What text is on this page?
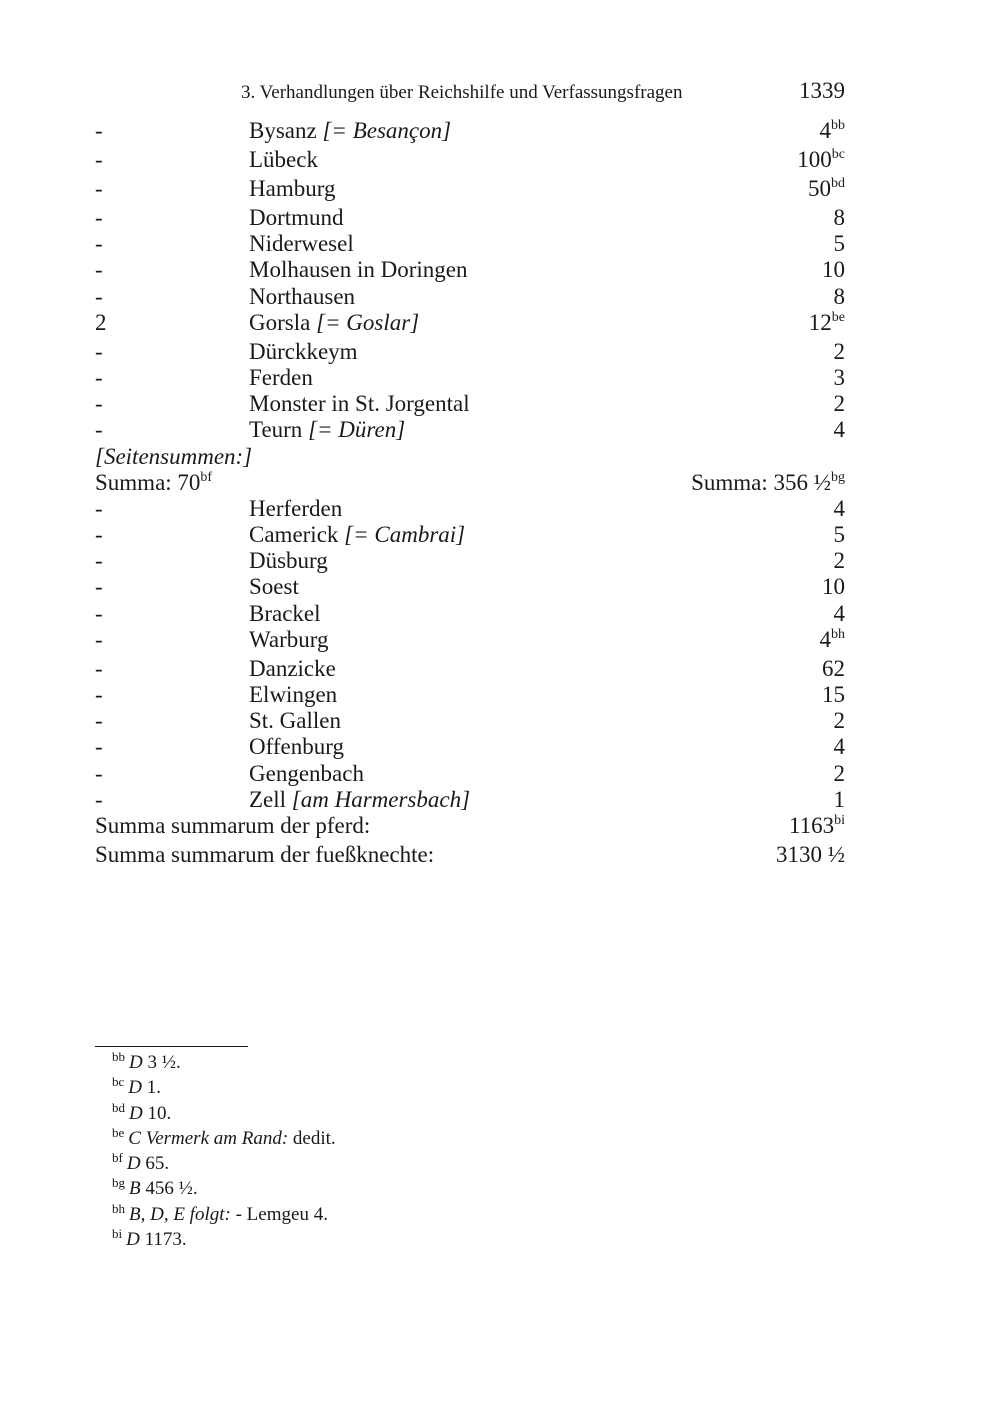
3. Verhandlungen über Reichshilfe und Verfassungsfragen	1339
-	Bysanz [= Besançon]	$4^{bb}$
-	Lübeck	$100^{bc}$
-	Hamburg	$50^{bd}$
-	Dortmund	8
-	Niderwesel	5
-	Molhausen in Doringen	10
-	Northausen	8
2	Gorsla [= Goslar]	$12^{be}$
-	Dürckkeym	2
-	Ferden	3
-	Monster in St. Jorgental	2
-	Teurn [= Düren]	4
[Seitensummen:]
Summa: $70^{bf}$	Summa: 356 ½$^{bg}$
-	Herferden	4
-	Camerick [= Cambrai]	5
-	Düsburg	2
-	Soest	10
-	Brackel	4
-	Warburg	$4^{bh}$
-	Danzicke	62
-	Elwingen	15
-	St. Gallen	2
-	Offenburg	4
-	Gengenbach	2
-	Zell [am Harmersbach]	1
Summa summarum der pferd:	$1163^{bi}$
Summa summarum der fueßknechte:	3130 ½
$^{bb}$ D 3 ½.
$^{bc}$ D 1.
$^{bd}$ D 10.
$^{be}$ C Vermerk am Rand: dedit.
$^{bf}$ D 65.
$^{bg}$ B 456 ½.
$^{bh}$ B, D, E folgt: - Lemgeu 4.
$^{bi}$ D 1173.
